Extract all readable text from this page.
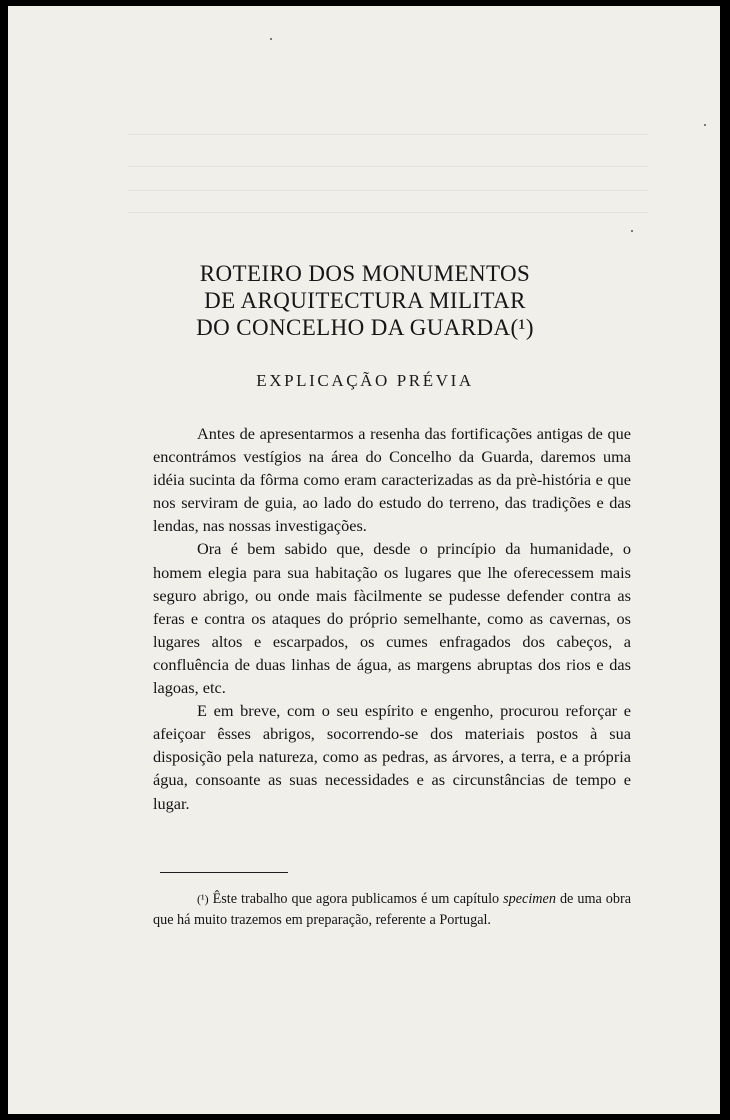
ROTEIRO DOS MONUMENTOS
DE ARQUITECTURA MILITAR
DO CONCELHO DA GUARDA(¹)
EXPLICAÇÃO PRÉVIA

Antes de apresentarmos a resenha das fortificações antigas de que encontrámos vestígios na área do Concelho da Guarda, daremos uma idéia sucinta da fôrma como eram caracterizadas as da prè-história e que nos serviram de guia, ao lado do estudo do terreno, das tradições e das lendas, nas nossas investigações.

Ora é bem sabido que, desde o princípio da humanidade, o homem elegia para sua habitação os lugares que lhe oferecessem mais seguro abrigo, ou onde mais fàcilmente se pudesse defender contra as feras e contra os ataques do próprio semelhante, como as cavernas, os lugares altos e escarpados, os cumes enfragados dos cabeços, a confluência de duas linhas de água, as margens abruptas dos rios e das lagoas, etc.

E em breve, com o seu espírito e engenho, procurou reforçar e afeiçoar êsses abrigos, socorrendo-se dos materiais postos à sua disposição pela natureza, como as pedras, as árvores, a terra, e a própria água, consoante as suas necessidades e as circunstâncias de tempo e lugar.

(¹) Êste trabalho que agora publicamos é um capítulo specimen de uma obra que há muito trazemos em preparação, referente a Portugal.
